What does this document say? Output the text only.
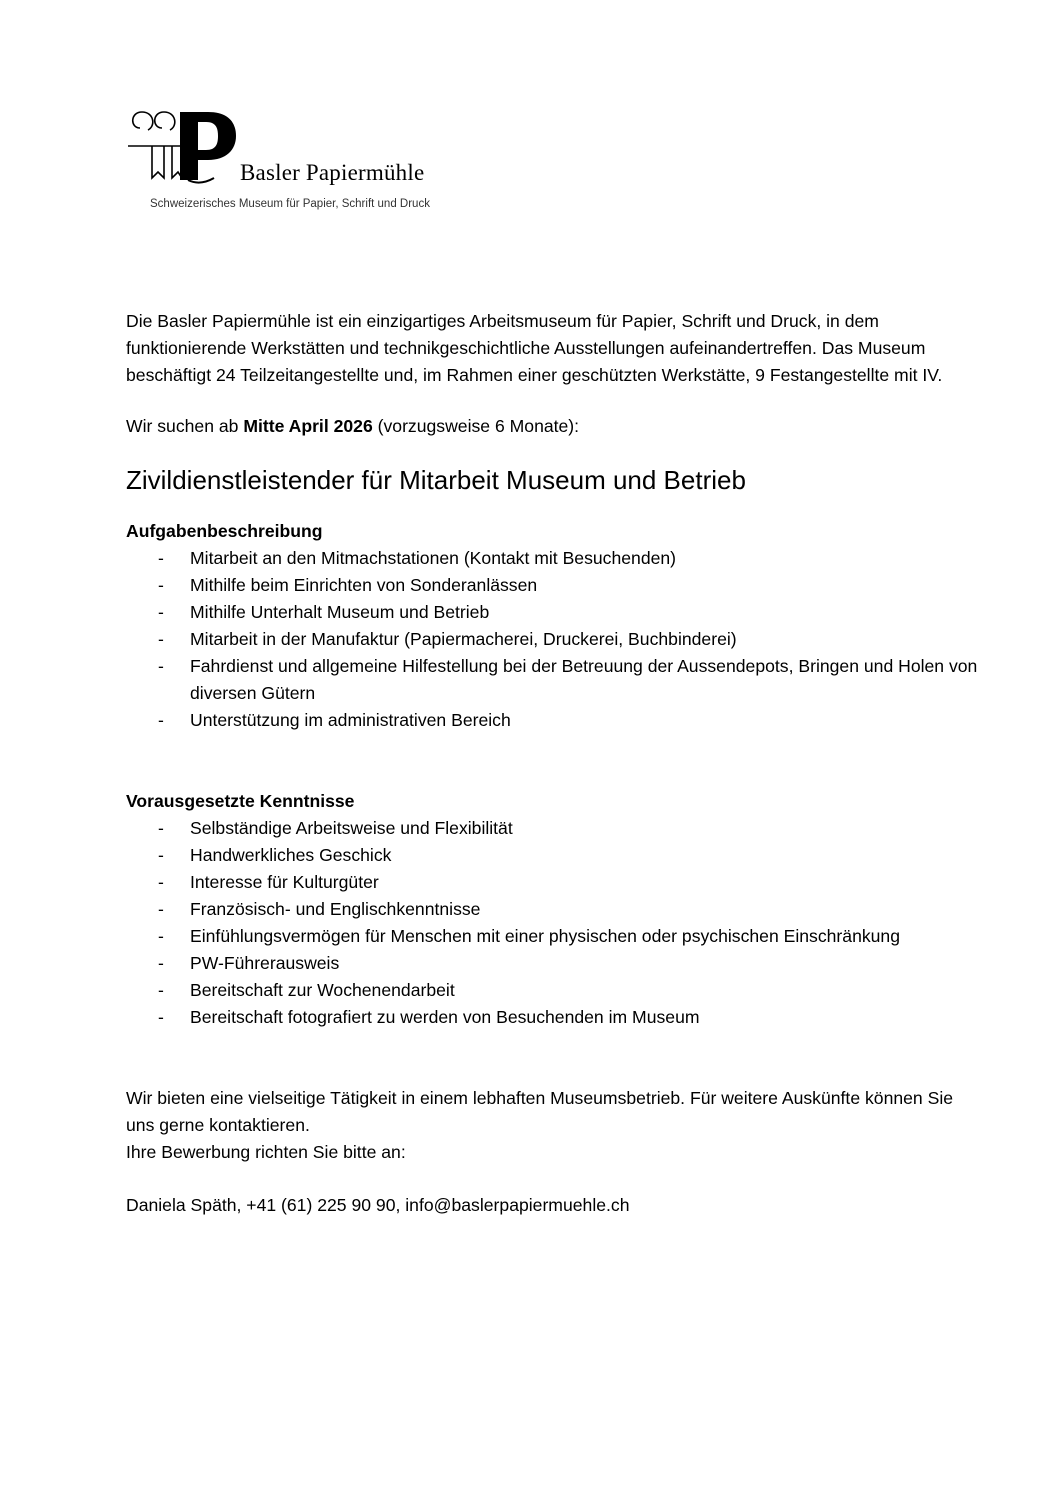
Basler Papiermühle
Schweizerisches Museum für Papier, Schrift und Druck

Die Basler Papiermühle ist ein einzigartiges Arbeitsmuseum für Papier, Schrift und Druck, in dem funktionierende Werkstätten und technikgeschichtliche Ausstellungen aufeinandertreffen. Das Museum beschäftigt 24 Teilzeitangestellte und, im Rahmen einer geschützten Werkstätte, 9 Festangestellte mit IV.

Wir suchen ab Mitte April 2026 (vorzugsweise 6 Monate):

Zivildienstleistender für Mitarbeit Museum und Betrieb
Aufgabenbeschreibung
- Mitarbeit an den Mitmachstationen (Kontakt mit Besuchenden)
- Mithilfe beim Einrichten von Sonderanlässen
- Mithilfe Unterhalt Museum und Betrieb
- Mitarbeit in der Manufaktur (Papiermacherei, Druckerei, Buchbinderei)
- Fahrdienst und allgemeine Hilfestellung bei der Betreuung der Aussendepots, Bringen und Holen von diversen Gütern
- Unterstützung im administrativen Bereich
Vorausgesetzte Kenntnisse
- Selbständige Arbeitsweise und Flexibilität
- Handwerkliches Geschick
- Interesse für Kulturgüter
- Französisch- und Englischkenntnisse
- Einfühlungsvermögen für Menschen mit einer physischen oder psychischen Einschränkung
- PW-Führerausweis
- Bereitschaft zur Wochenendarbeit
- Bereitschaft fotografiert zu werden von Besuchenden im Museum

Wir bieten eine vielseitige Tätigkeit in einem lebhaften Museumsbetrieb. Für weitere Auskünfte können Sie uns gerne kontaktieren.
Ihre Bewerbung richten Sie bitte an:

Daniela Späth, +41 (61) 225 90 90, info@baslerpapiermuehle.ch
